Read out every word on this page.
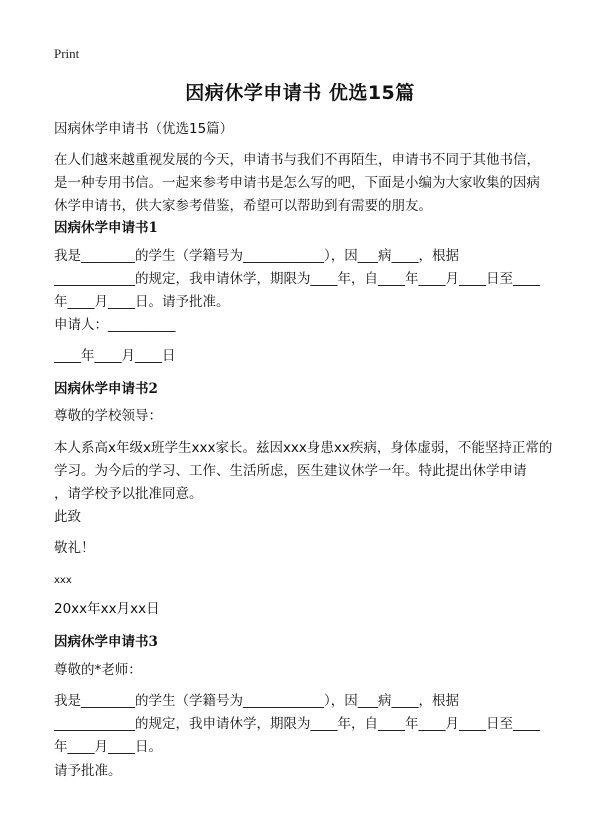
Print
因病休学申请书 优选15篇
因病休学申请书（优选15篇）
在人们越来越重视发展的今天，申请书与我们不再陌生，申请书不同于其他书信，
是一种专用书信。一起来参考申请书是怎么写的吧，下面是小编为大家收集的因病
休学申请书，供大家参考借鉴，希望可以帮助到有需要的朋友。
因病休学申请书1
我是________的学生（学籍号为____________），因___病____，根据
____________的规定，我申请休学，期限为____年，自____年____月____日至____
年____月____日。请予批准。
申请人：__________
____年____月____日
因病休学申请书2
尊敬的学校领导：
本人系高x年级x班学生xxx家长。兹因xxx身患xx疾病，身体虚弱，不能坚持正常的
学习。为今后的学习、工作、生活所虑，医生建议休学一年。特此提出休学申请
，请学校予以批准同意。
此致
敬礼！
xxx
20xx年xx月xx日
因病休学申请书3
尊敬的*老师：
我是________的学生（学籍号为____________），因___病____，根据
____________的规定，我申请休学，期限为____年，自____年____月____日至____
年____月____日。
请予批准。
